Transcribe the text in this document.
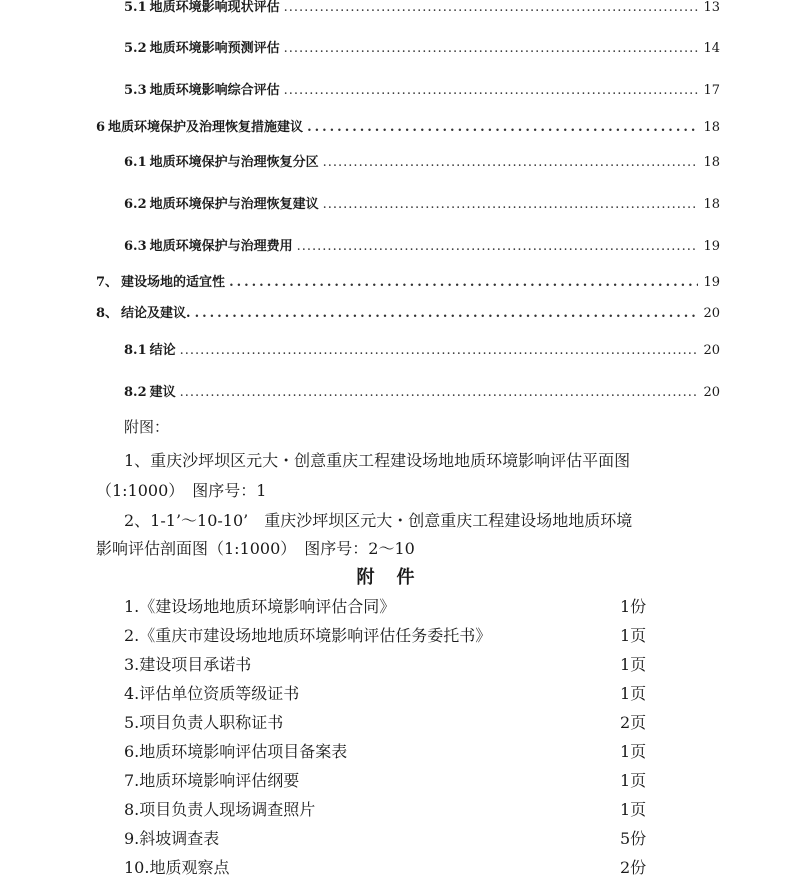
5.1 地质环境影响现状评估 .....	13
5.2 地质环境影响预测评估 .....	14
5.3 地质环境影响综合评估 .....	17
6 地质环境保护及治理恢复措施建议 .....	18
6.1 地质环境保护与治理恢复分区 .....	18
6.2 地质环境保护与治理恢复建议 .....	18
6.3 地质环境保护与治理费用 .....	19
7、 建设场地的适宜性 .....	19
8、 结论及建议. .....	20
8.1 结论 .....	20
8.2 建议 .....	20
附图：
1、重庆沙坪坝区元大・创意重庆工程建设场地地质环境影响评估平面图
（1:1000）　图序号：1
2、1-1’～10-10’　重庆沙坪坝区元大・创意重庆工程建设场地地质环境
影响评估剖面图（1:1000）　图序号：2～10
附件
1.《建设场地地质环境影响评估合同》	1份
2.《重庆市建设场地地质环境影响评估任务委托书》	1页
3.建设项目承诺书	1页
4.评估单位资质等级证书	1页
5.项目负责人职称证书	2页
6.地质环境影响评估项目备案表	1页
7.地质环境影响评估纲要	1页
8.项目负责人现场调查照片	1页
9.斜坡调查表	5份
10.地质观察点	2份
